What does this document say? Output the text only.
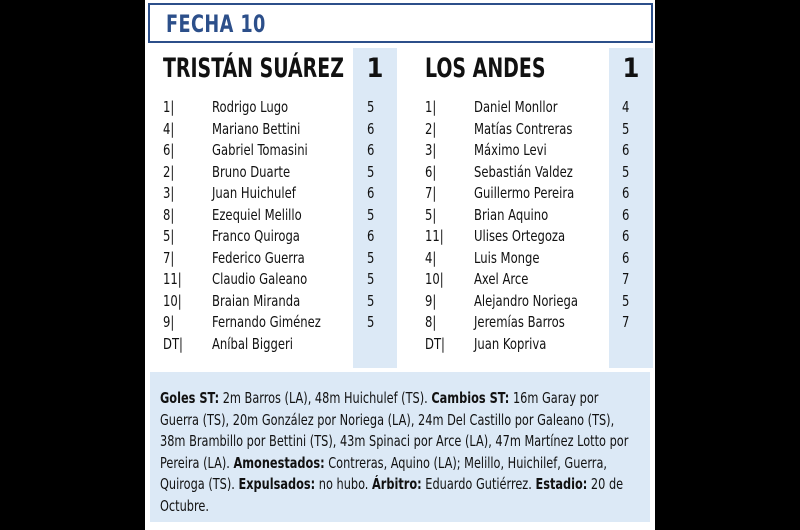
FECHA 10
TRISTÁN SUÁREZ 1
1|	Rodrigo Lugo	5
4|	Mariano Bettini	6
6|	Gabriel Tomasini	6
2|	Bruno Duarte	5
3|	Juan Huichulef	6
8|	Ezequiel Melillo	5
5|	Franco Quiroga	6
7|	Federico Guerra	5
11| Claudio Galeano	5
10| Braian Miranda	5
9|	Fernando Giménez	5
DT| Aníbal Biggeri
LOS ANDES	1
1|	Daniel Monllor	4
2|	Matías Contreras	5
3|	Máximo Levi	6
6|	Sebastián Valdez	5
7|	Guillermo Pereira	6
5|	Brian Aquino	6
11| Ulises Ortegoza	6
4|	Luis Monge	6
10| Axel Arce	7
9|	Alejandro Noriega	5
8|	Jeremías Barros	7
DT| Juan Kopriva
Goles ST: 2m Barros (LA), 48m Huichulef (TS). Cambios ST: 16m Garay por Guerra (TS), 20m González por Noriega (LA), 24m Del Castillo por Galeano (TS), 38m Brambillo por Bettini (TS), 43m Spinaci por Arce (LA), 47m Martínez Lotto por Pereira (LA). Amonestados: Contreras, Aquino (LA); Melillo, Huichilef, Guerra, Quiroga (TS). Expulsados: no hubo. Árbitro: Eduardo Gutiérrez. Estadio: 20 de Octubre.
